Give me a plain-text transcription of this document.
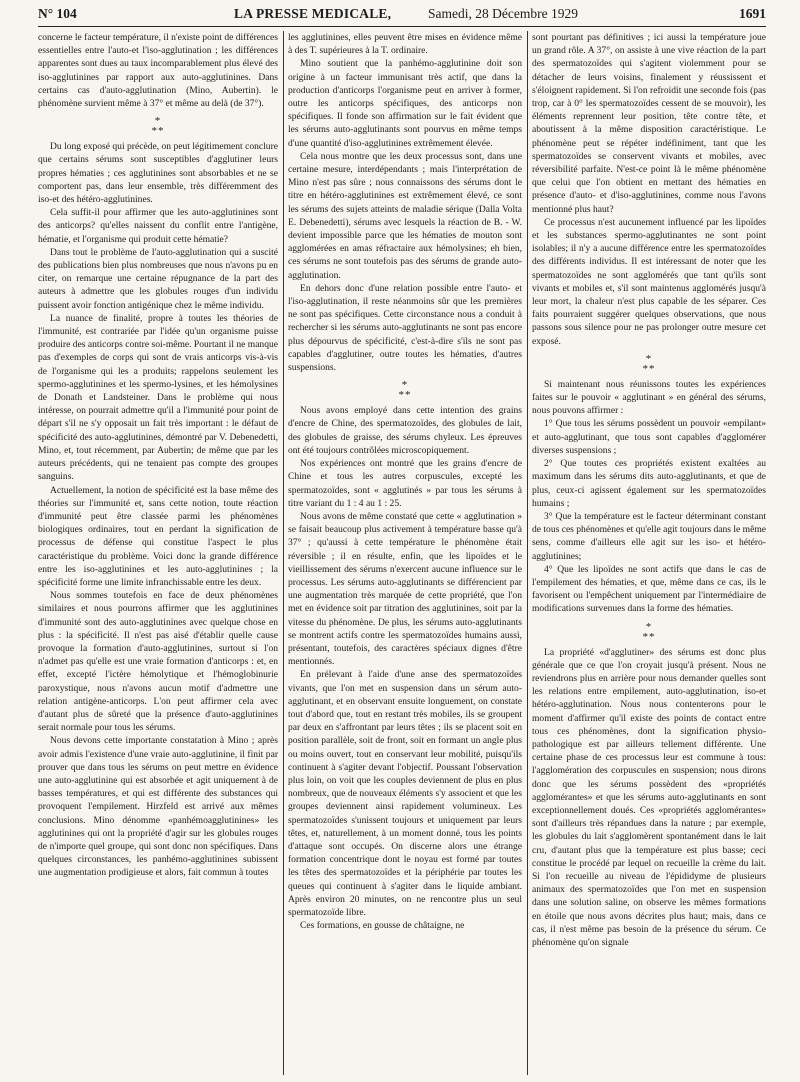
N° 104	LA PRESSE MEDICALE,	Samedi, 28 Décembre 1929	1691

concerne le facteur température, il n'existe point de différences essentielles entre l'auto-et l'iso-agglutination ; les différences apparentes sont dues au taux incomparablement plus élevé des iso-agglutinines par rapport aux auto-agglutinines. Dans certains cas d'auto-agglutination (Mino, Aubertin). le phénomène survient même à 37° et même au delà (de 37°).

*
**

Du long exposé qui précède, on peut légitimement conclure que certains sérums sont susceptibles d'agglutiner leurs propres hématies ; ces agglutinines sont absorbables et ne se comportent pas, dans leur ensemble, très différemment des iso-et des hétéro-agglutinines.

Cela suffit-il pour affirmer que les auto-agglutinines sont des anticorps? qu'elles naissent du conflit entre l'antigène, hématie, et l'organisme qui produit cette hématie?

Dans tout le problème de l'auto-agglutination qui a suscité des publications bien plus nombreuses que nous n'avons pu en citer, on remarque une certaine répugnance de la part des auteurs à admettre que les globules rouges d'un individu puissent avoir fonction antigénique chez le même individu.

La nuance de finalité, propre à toutes les théories de l'immunité, est contrariée par l'idée qu'un organisme puisse produire des anticorps contre soi-même. Pourtant il ne manque pas d'exemples de corps qui sont de vrais anticorps vis-à-vis de l'organisme qui les a produits; rappelons seulement les spermo-agglutinines et les spermo-lysines, et les hémolysines de Donath et Landsteiner. Dans le problème qui nous intéresse, on pourrait admettre qu'il a l'immunité pour point de départ s'il ne s'y opposait un fait très important : le défaut de spécificité des auto-agglutinines, démontré par V. Debenedetti, Mino, et, tout récemment, par Aubertin; de même que par les auteurs précédents, qui ne tenaient pas compte des groupes sanguins.

Actuellement, la notion de spécificité est la base même des théories sur l'immunité et, sans cette notion, toute réaction d'immunité peut être classée parmi les phénomènes biologiques ordinaires, tout en perdant la signification de processus de défense qui constitue l'aspect le plus caractéristique du problème. Voici donc la grande différence entre les iso-agglutinines et les auto-agglutinines ; la spécificité forme une limite infranchissable entre les deux.

Nous sommes toutefois en face de deux phénomènes similaires et nous pourrons affirmer que les agglutinines d'immunité sont des auto-agglutinines avec quelque chose en plus : la spécificité. Il n'est pas aisé d'établir quelle cause provoque la formation d'auto-agglutinines, surtout si l'on n'admet pas qu'elle est une vraie formation d'anticorps : et, en effet, excepté l'ictère hémolytique et l'hémoglobinurie paroxystique, nous n'avons aucun motif d'admettre une relation antigène-anticorps. L'on peut affirmer cela avec d'autant plus de sûreté que la présence d'auto-agglutinines serait normale pour tous les sérums.

Nous devons cette importante constatation à Mino ; après avoir admis l'existence d'une vraie auto-agglutinine, il finit par prouver que dans tous les sérums on peut mettre en évidence une auto-agglutinine qui est absorbée et agit uniquement à de basses températures, et qui est différente des substances qui provoquent l'empilement. Hirzfeld est arrivé aux mêmes conclusions. Mino dénomme «panhémoagglutinines» les agglutinines qui ont la propriété d'agir sur les globules rouges de n'importe quel groupe, qui sont donc non spécifiques. Dans quelques circonstances, les panhémo-agglutinines subissent une augmentation prodigieuse et alors, fait commun à toutes

les agglutinines, elles peuvent être mises en évidence même à des T. supérieures à la T. ordinaire.

Mino soutient que la panhémo-agglutinine doit son origine à un facteur immunisant très actif, que dans la production d'anticorps l'organisme peut en arriver à former, outre les anticorps spécifiques, des anticorps non spécifiques. Il fonde son affirmation sur le fait évident que les sérums auto-agglutinants sont pourvus en même temps d'une quantité d'iso-agglutinines extrêmement élevée.

Cela nous montre que les deux processus sont, dans une certaine mesure, interdépendants ; mais l'interprétation de Mino n'est pas sûre ; nous connaissons des sérums dont le titre en hétéro-agglutinines est extrêmement élevé, ce sont les sérums des sujets atteints de maladie sérique (Dalla Volta E. Debenedetti), sérums avec lesquels la réaction de B. - W. devient impossible parce que les hématies de mouton sont agglomérées en amas réfractaire aux hémolysines; eh bien, ces sérums ne sont toutefois pas des sérums de grande auto-agglutination.

En dehors donc d'une relation possible entre l'auto- et l'iso-agglutination, il reste néanmoins sûr que les premières ne sont pas spécifiques. Cette circonstance nous a conduit à rechercher si les sérums auto-agglutinants ne sont pas encore plus dépourvus de spécificité, c'est-à-dire s'ils ne sont pas capables d'agglutiner, outre toutes les hématies, d'autres suspensions.

*
**

Nous avons employé dans cette intention des grains d'encre de Chine, des spermatozoïdes, des globules de lait, des globules de graisse, des sérums chyleux. Les épreuves ont été toujours contrôlées microscopiquement.

Nos expériences ont montré que les grains d'encre de Chine et tous les autres corpuscules, excepté les spermatozoïdes, sont « agglutinés » par tous les sérums à titre variant du 1 : 4 au 1 : 25.

Nous avons de même constaté que cette « agglutination » se faisait beaucoup plus activement à température basse qu'à 37° ; qu'aussi à cette température le phénomène était réversible ; il en résulte, enfin, que les lipoïdes et le vieillissement des sérums n'exercent aucune influence sur le processus. Les sérums auto-agglutinants se différencient par une augmentation très marquée de cette propriété, que l'on met en évidence soit par titration des agglutinines, soit par la vitesse du phénomène. De plus, les sérums auto-agglutinants se montrent actifs contre les spermatozoïdes humains aussi, présentant, toutefois, des caractères spéciaux dignes d'être mentionnés.

En prélevant à l'aide d'une anse des spermatozoïdes vivants, que l'on met en suspension dans un sérum auto-agglutinant, et en observant ensuite longuement, on constate tout d'abord que, tout en restant très mobiles, ils se groupent par deux en s'affrontant par leurs têtes ; ils se placent soit en position parallèle, soit de front, soit en formant un angle plus ou moins ouvert, tout en conservant leur mobilité, puisqu'ils continuent à s'agiter devant l'objectif. Poussant l'observation plus loin, on voit que les couples deviennent de plus en plus nombreux, que de nouveaux éléments s'y associent et que les groupes deviennent ainsi rapidement volumineux. Les spermatozoïdes s'unissent toujours et uniquement par leurs têtes, et, naturellement, à un moment donné, tous les points d'attaque sont occupés. On discerne alors une étrange formation concentrique dont le noyau est formé par toutes les têtes des spermatozoïdes et la périphérie par toutes les queues qui continuent à s'agiter dans le liquide ambiant. Après environ 20 minutes, on ne rencontre plus un seul spermatozoïde libre.

Ces formations, en gousse de châtaigne, ne

sont pourtant pas définitives ; ici aussi la température joue un grand rôle. A 37°, on assiste à une vive réaction de la part des spermatozoïdes qui s'agitent violemment pour se détacher de leurs voisins, finalement y réussissent et s'éloignent rapidement. Si l'on refroidit une seconde fois (pas trop, car à 0° les spermatozoïdes cessent de se mouvoir), les éléments reprennent leur position, tête contre tête, et aboutissent à la même disposition caractéristique. Le phénomène peut se répéter indéfiniment, tant que les spermatozoïdes se conservent vivants et mobiles, avec réversibilité parfaite. N'est-ce point là le même phénomène que celui que l'on obtient en mettant des hématies en présence d'auto- et d'iso-agglutinines, comme nous l'avons mentionné plus haut?

Ce processus n'est aucunement influencé par les lipoïdes et les substances spermo-agglutinantes ne sont point isolables; il n'y a aucune différence entre les spermatozoïdes des différents individus. Il est intéressant de noter que les spermatozoïdes ne sont agglomérés que tant qu'ils sont vivants et mobiles et, s'il sont maintenus agglomérés jusqu'à leur mort, la chaleur n'est plus capable de les séparer. Ces faits pourraient suggérer quelques observations, que nous passons sous silence pour ne pas prolonger outre mesure cet exposé.

*
**

Si maintenant nous réunissons toutes les expériences faites sur le pouvoir « agglutinant » en général des sérums, nous pouvons affirmer :

1° Que tous les sérums possèdent un pouvoir «empilant» et auto-agglutinant, que tous sont capables d'agglomérer diverses suspensions ;

2° Que toutes ces propriétés existent exaltées au maximum dans les sérums dits auto-agglutinants, et que de plus, ceux-ci agissent également sur les spermatozoïdes humains ;

3° Que la température est le facteur déterminant constant de tous ces phénomènes et qu'elle agit toujours dans le même sens, comme d'ailleurs elle agit sur les iso- et hétéro-agglutinines;

4° Que les lipoïdes ne sont actifs que dans le cas de l'empilement des hématies, et que, même dans ce cas, ils le favorisent ou l'empêchent uniquement par l'intermédiaire de modifications survenues dans la forme des hématies.

*
**

La propriété «d'agglutiner» des sérums est donc plus générale que ce que l'on croyait jusqu'à présent. Nous ne reviendrons plus en arrière pour nous demander quelles sont les relations entre empilement, auto-agglutination, iso-et hétéro-agglutination. Nous nous contenterons pour le moment d'affirmer qu'il existe des points de contact entre tous ces phénomènes, dont la signification physio-pathologique est par ailleurs tellement différente. Une certaine phase de ces processus leur est commune à tous: l'agglomération des corpuscules en suspension; nous dirons donc que les sérums possèdent des «propriétés agglomérantes» et que les sérums auto-agglutinants en sont exceptionnellement doués. Ces «propriétés agglomérantes» sont d'ailleurs très répandues dans la nature ; par exemple, les globules du lait s'agglomèrent spontanément dans le lait cru, d'autant plus que la température est plus basse; ceci constitue le procédé par lequel on recueille la crème du lait. Si l'on recueille au niveau de l'épididyme de plusieurs animaux des spermatozoïdes que l'on met en suspension dans une solution saline, on observe les mêmes formations en étoile que nous avons décrites plus haut; mais, dans ce cas, il n'est même pas besoin de la présence du sérum. Ce phénomène qu'on signale
